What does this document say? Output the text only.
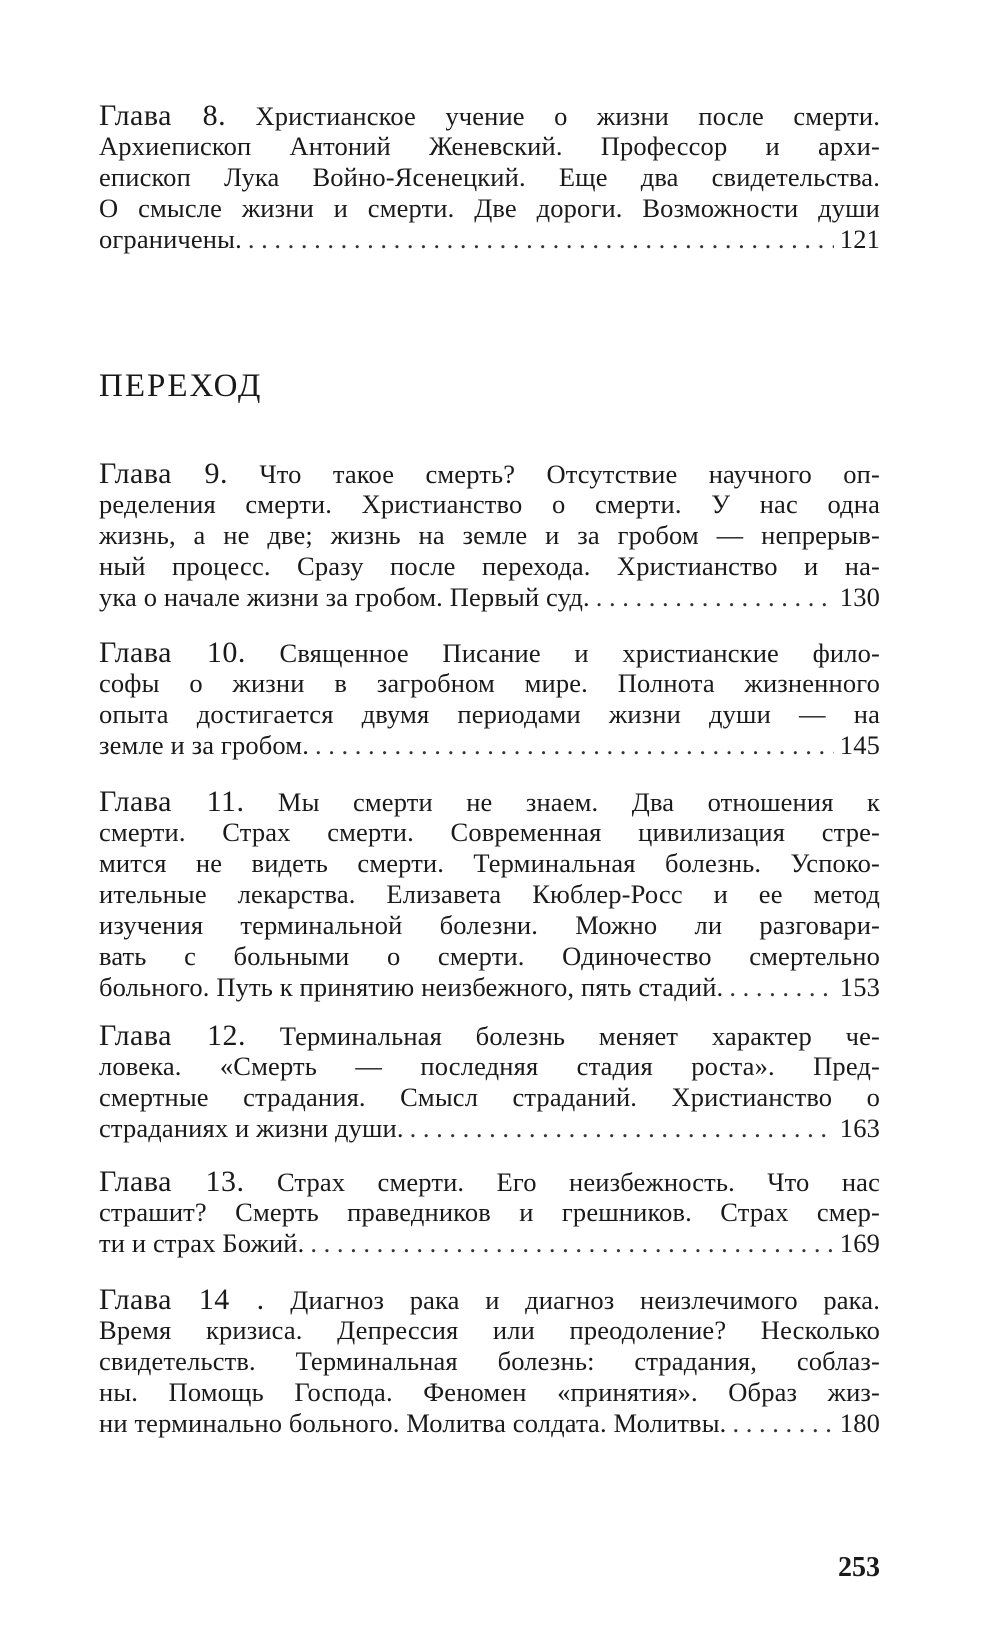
ПЕРЕХОД
Глава 8. Христианское учение о жизни после смерти.
Архиепископ Антоний Женевский. Профессор и архи-
епископ Лука Войно-Ясенецкий. Еще два свидетельства.
О смысле жизни и смерти. Две дороги. Возможности души
ограничены. . . .	121
Глава 9. Что такое смерть? Отсутствие научного оп-
ределения смерти. Христианство о смерти. У нас одна
жизнь, а не две; жизнь на земле и за гробом — непрерыв-
ный процесс. Сразу после перехода. Христианство и на-
ука о начале жизни за гробом. Первый суд. . . .	130
Глава 10. Священное Писание и христианские фило-
софы о жизни в загробном мире. Полнота жизненного
опыта достигается двумя периодами жизни души — на
земле и за гробом. . . .	145
Глава 11. Мы смерти не знаем. Два отношения к
смерти. Страх смерти. Современная цивилизация стре-
мится не видеть смерти. Терминальная болезнь. Успоко-
ительные лекарства. Елизавета Кюблер-Росс и ее метод
изучения терминальной болезни. Можно ли разговари-
вать с больными о смерти. Одиночество смертельно
больного. Путь к принятию неизбежного, пять стадий. . . .	153
Глава 12. Терминальная болезнь меняет характер че-
ловека. «Смерть — последняя стадия роста». Пред-
смертные страдания. Смысл страданий. Христианство о
страданиях и жизни души. . . .	163
Глава 13. Страх смерти. Его неизбежность. Что нас
страшит? Смерть праведников и грешников. Страх смер-
ти и страх Божий. . . .	169
Глава 14 . Диагноз рака и диагноз неизлечимого рака.
Время кризиса. Депрессия или преодоление? Несколько
свидетельств. Терминальная болезнь: страдания, соблаз-
ны. Помощь Господа. Феномен «принятия». Образ жиз-
ни терминально больного. Молитва солдата. Молитвы. . . .	180
253
